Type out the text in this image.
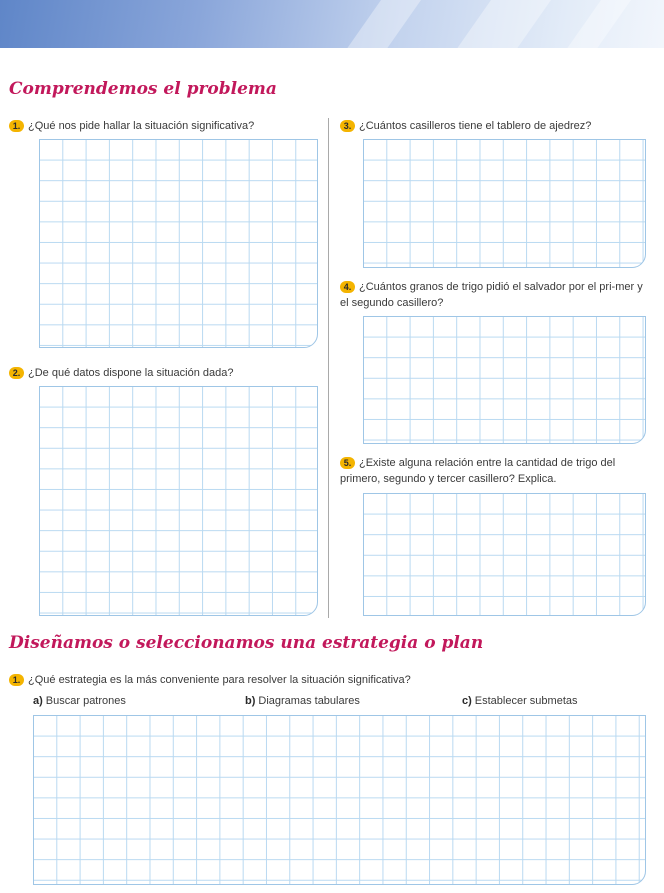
Comprendemos el problema
1. ¿Qué nos pide hallar la situación significativa?
2. ¿De qué datos dispone la situación dada?
3. ¿Cuántos casilleros tiene el tablero de ajedrez?
4. ¿Cuántos granos de trigo pidió el salvador por el pri-mer y el segundo casillero?
5. ¿Existe alguna relación entre la cantidad de trigo del primero, segundo y tercer casillero? Explica.
Diseñamos o seleccionamos una estrategia o plan
1. ¿Qué estrategia es la más conveniente para resolver la situación significativa?
a) Buscar patrones	b) Diagramas tabulares	c) Establecer submetas
